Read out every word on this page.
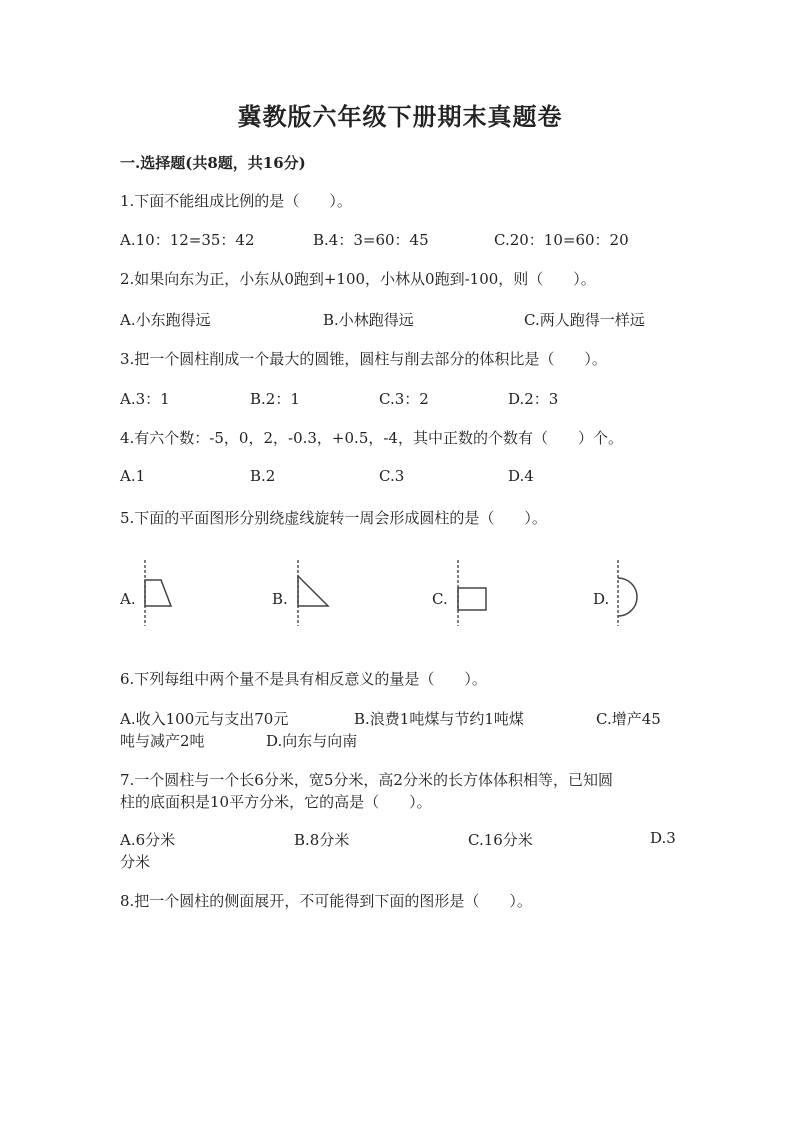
冀教版六年级下册期末真题卷
一.选择题(共8题，共16分)
1.下面不能组成比例的是（　　）。
A.10：12=35：42	B.4：3=60：45	C.20：10=60：20
2.如果向东为正，小东从0跑到+100，小林从0跑到-100，则（　　）。
A.小东跑得远	B.小林跑得远	C.两人跑得一样远
3.把一个圆柱削成一个最大的圆锥，圆柱与削去部分的体积比是（　　）。
A.3：1	B.2：1	C.3：2	D.2：3
4.有六个数：-5，0，2，-0.3，+0.5，-4，其中正数的个数有（　　）个。
A.1	B.2	C.3	D.4
5.下面的平面图形分别绕虚线旋转一周会形成圆柱的是（　　）。
A.	B.	C.	D.
6.下列每组中两个量不是具有相反意义的量是（　　）。
A.收入100元与支出70元	B.浪费1吨煤与节约1吨煤	C.增产45
吨与减产2吨	D.向东与向南
7.一个圆柱与一个长6分米，宽5分米，高2分米的长方体体积相等，已知圆
柱的底面积是10平方分米，它的高是（　　）。
A.6分米	B.8分米	C.16分米	D.3
分米
8.把一个圆柱的侧面展开，不可能得到下面的图形是（　　）。
